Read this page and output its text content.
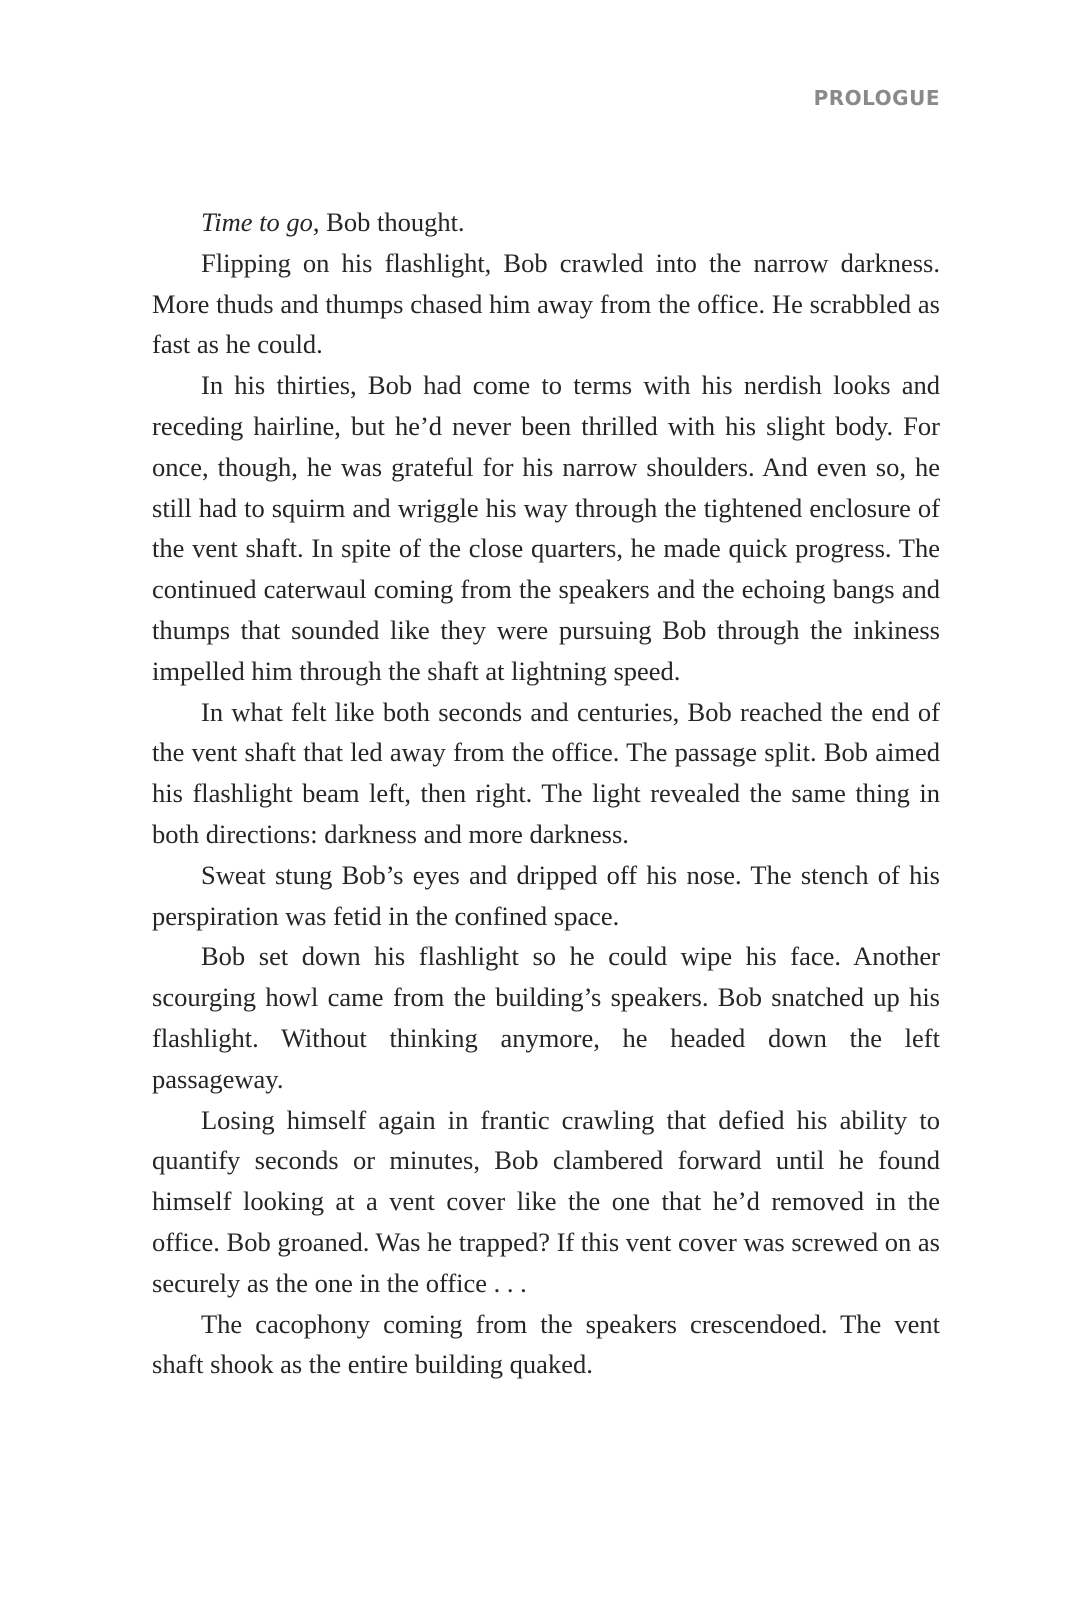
PROLOGUE

Time to go, Bob thought.

Flipping on his flashlight, Bob crawled into the narrow darkness. More thuds and thumps chased him away from the office. He scrabbled as fast as he could.

In his thirties, Bob had come to terms with his nerdish looks and receding hairline, but he’d never been thrilled with his slight body. For once, though, he was grateful for his narrow shoulders. And even so, he still had to squirm and wriggle his way through the tightened enclosure of the vent shaft. In spite of the close quarters, he made quick progress. The continued caterwaul coming from the speakers and the echoing bangs and thumps that sounded like they were pursuing Bob through the inkiness impelled him through the shaft at lightning speed.

In what felt like both seconds and centuries, Bob reached the end of the vent shaft that led away from the office. The passage split. Bob aimed his flashlight beam left, then right. The light revealed the same thing in both directions: darkness and more darkness.

Sweat stung Bob’s eyes and dripped off his nose. The stench of his perspiration was fetid in the confined space.

Bob set down his flashlight so he could wipe his face. Another scourging howl came from the building’s speakers. Bob snatched up his flashlight. Without thinking anymore, he headed down the left passageway.

Losing himself again in frantic crawling that defied his ability to quantify seconds or minutes, Bob clambered forward until he found himself looking at a vent cover like the one that he’d removed in the office. Bob groaned. Was he trapped? If this vent cover was screwed on as securely as the one in the office . . .

The cacophony coming from the speakers crescendoed. The vent shaft shook as the entire building quaked.
